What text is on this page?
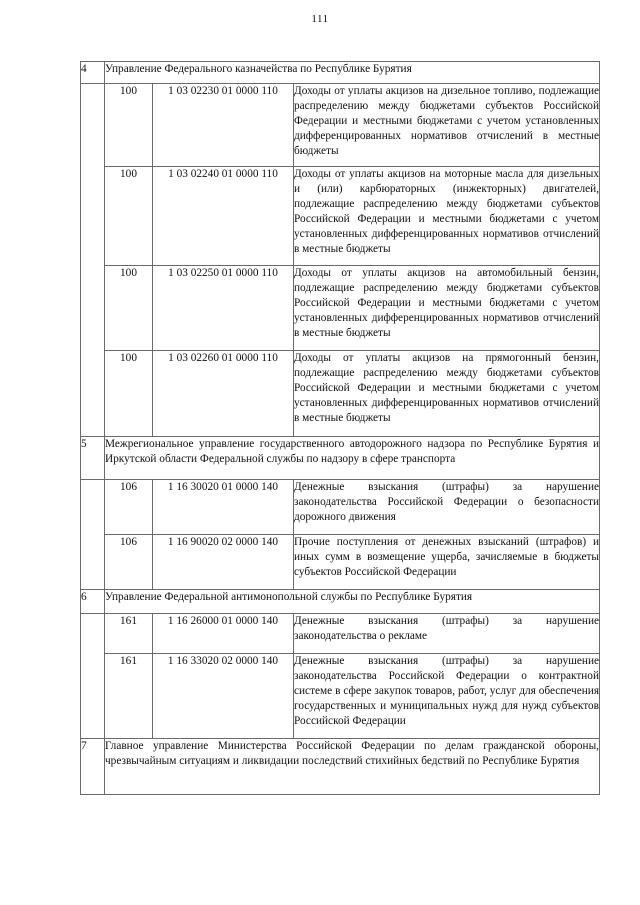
111
4	Управление Федерального казначейства по Республике Бурятия		
	100	1 03 02230 01 0000 110	Доходы от уплаты акцизов на дизельное топливо, подлежащие распределению между бюджетами субъектов Российской Федерации и местными бюджетами с учетом установленных дифференцированных нормативов отчислений в местные бюджеты
	100	1 03 02240 01 0000 110	Доходы от уплаты акцизов на моторные масла для дизельных и (или) карбюраторных (инжекторных) двигателей, подлежащие распределению между бюджетами субъектов Российской Федерации и местными бюджетами с учетом установленных дифференцированных нормативов отчислений в местные бюджеты
	100	1 03 02250 01 0000 110	Доходы от уплаты акцизов на автомобильный бензин, подлежащие распределению между бюджетами субъектов Российской Федерации и местными бюджетами с учетом установленных дифференцированных нормативов отчислений в местные бюджеты
	100	1 03 02260 01 0000 110	Доходы от уплаты акцизов на прямогонный бензин, подлежащие распределению между бюджетами субъектов Российской Федерации и местными бюджетами с учетом установленных дифференцированных нормативов отчислений в местные бюджеты
5	Межрегиональное управление государственного автодорожного надзора по Республике Бурятия и Иркутской области Федеральной службы по надзору в сфере транспорта		
	106	1 16 30020 01 0000 140	Денежные взыскания (штрафы) за нарушение законодательства Российской Федерации о безопасности дорожного движения
	106	1 16 90020 02 0000 140	Прочие поступления от денежных взысканий (штрафов) и иных сумм в возмещение ущерба, зачисляемые в бюджеты субъектов Российской Федерации
6	Управление Федеральной антимонопольной службы по Республике Бурятия		
	161	1 16 26000 01 0000 140	Денежные взыскания (штрафы) за нарушение законодательства о рекламе
	161	1 16 33020 02 0000 140	Денежные взыскания (штрафы) за нарушение законодательства Российской Федерации о контрактной системе в сфере закупок товаров, работ, услуг для обеспечения государственных и муниципальных нужд для нужд субъектов Российской Федерации
7	Главное управление Министерства Российской Федерации по делам гражданской обороны, чрезвычайным ситуациям и ликвидации последствий стихийных бедствий по Республике Бурятия		
